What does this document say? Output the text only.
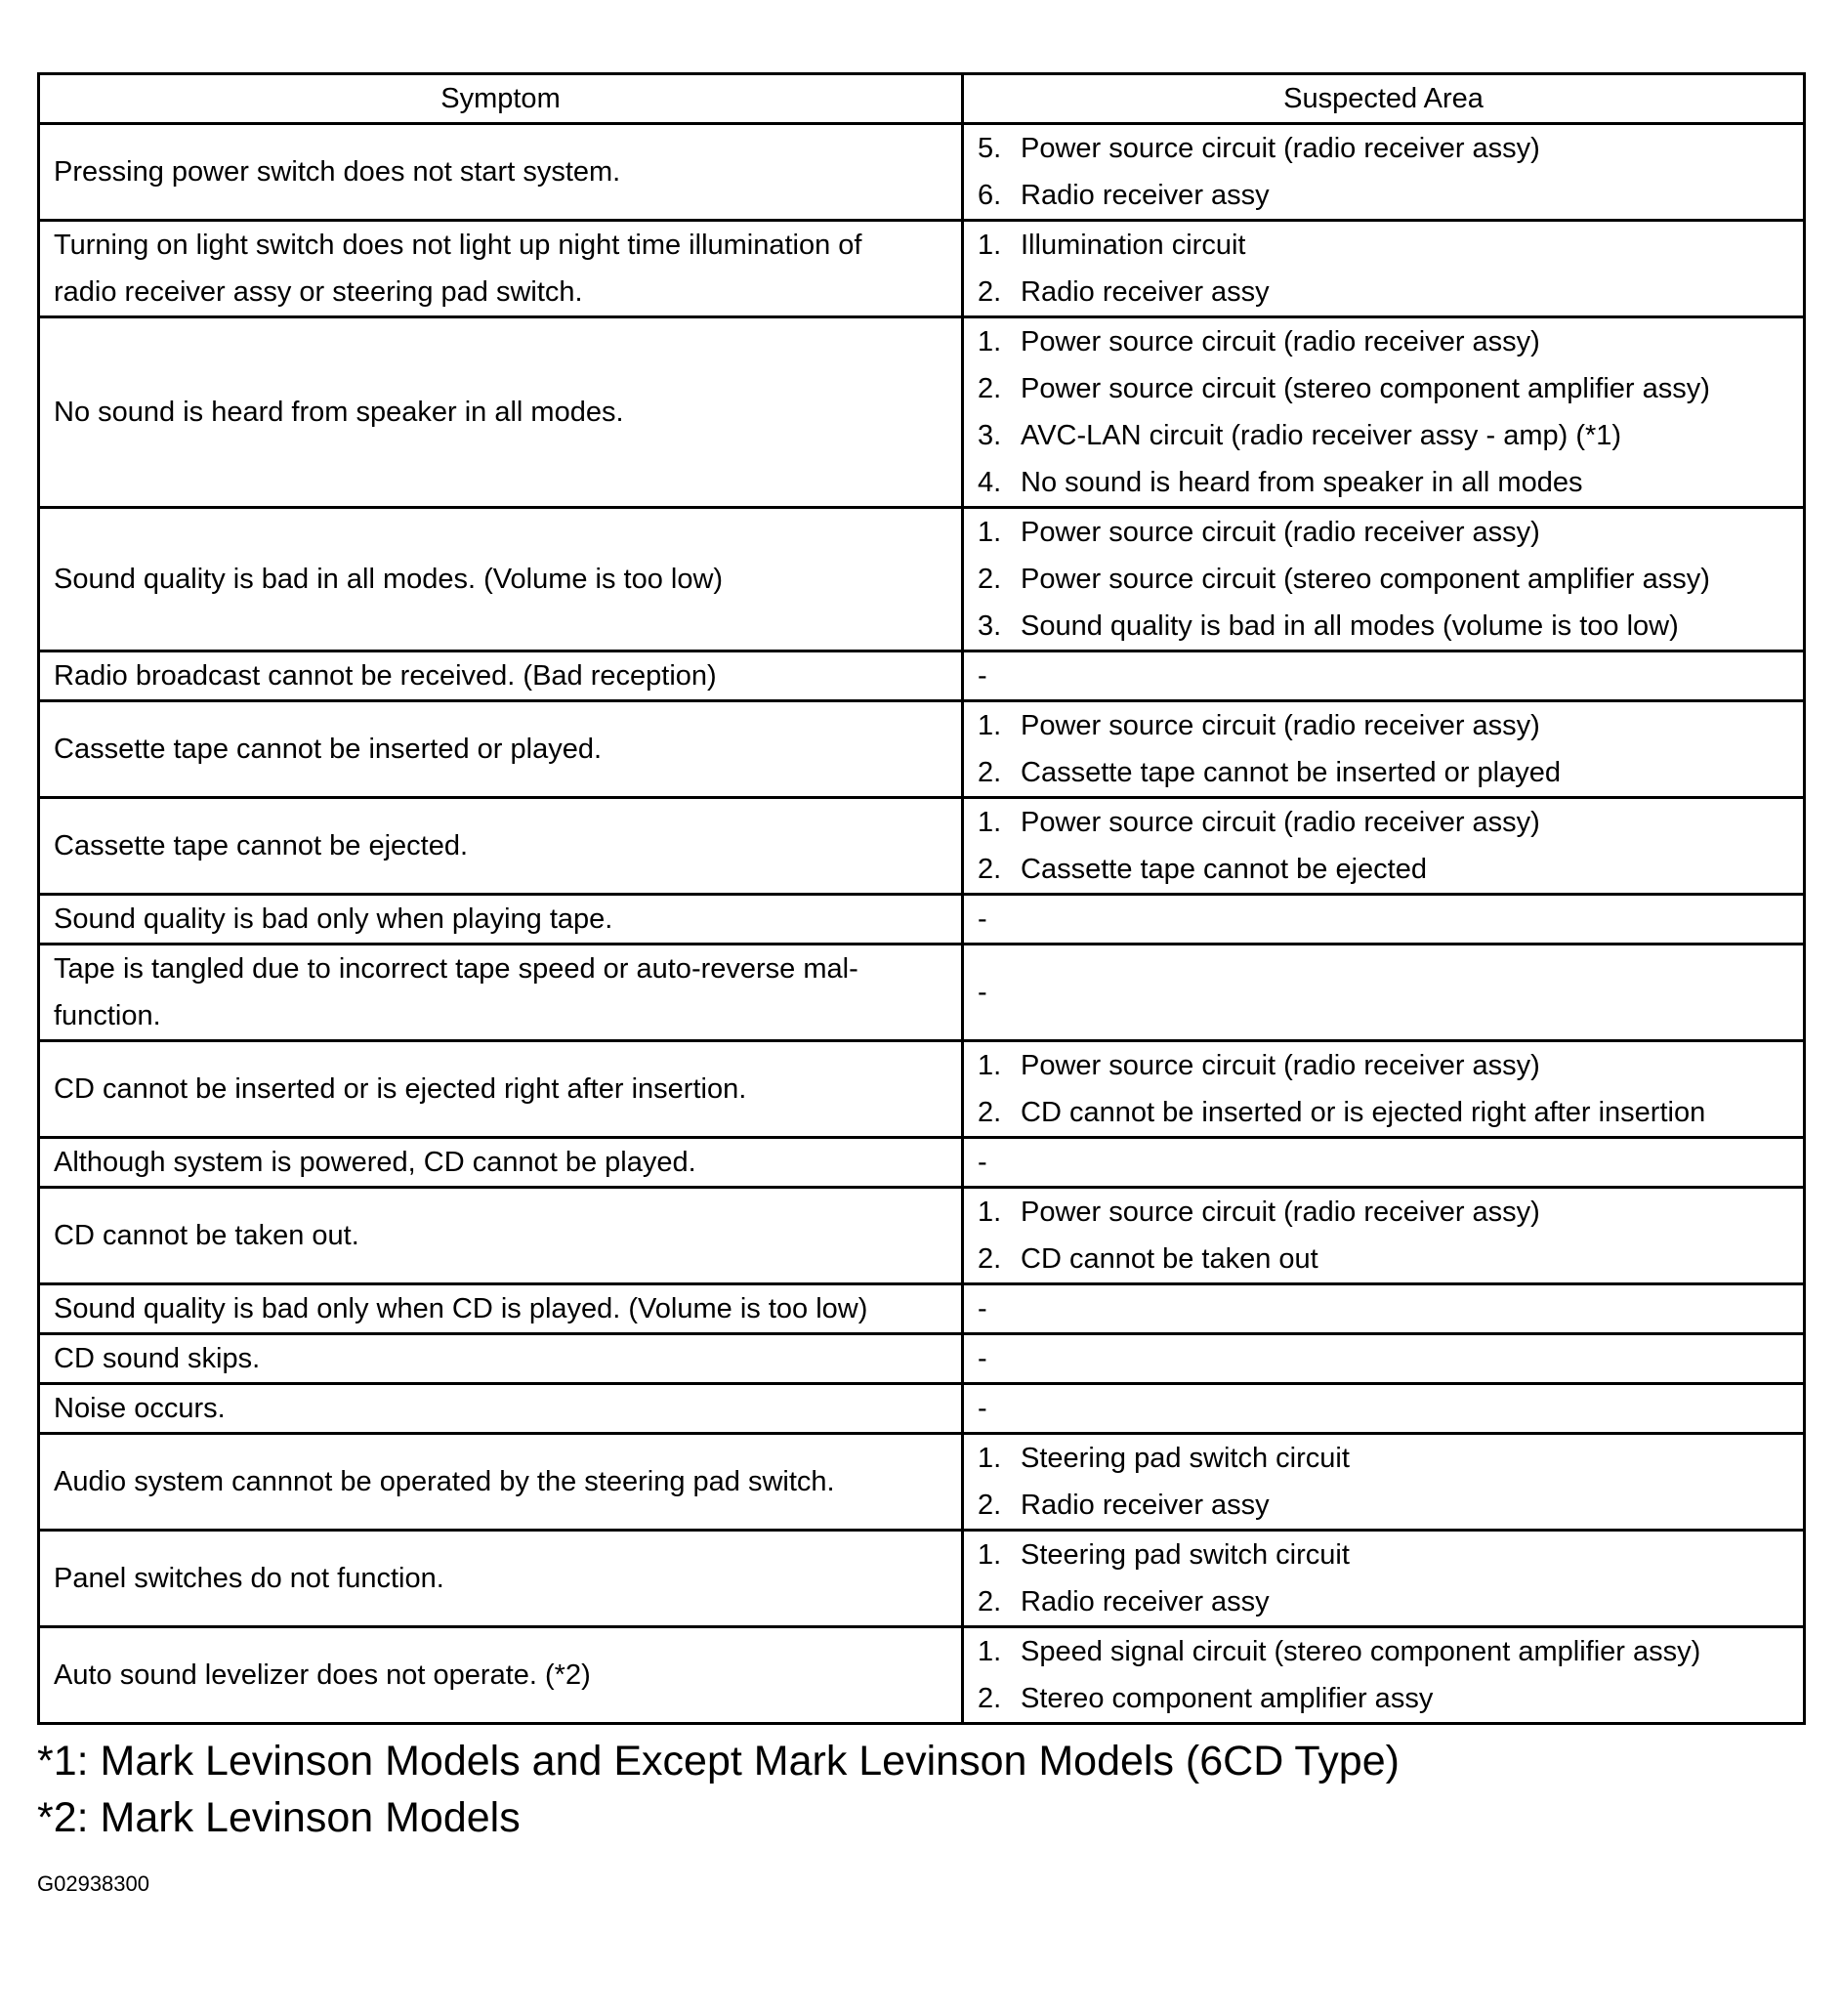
Symptom	Suspected Area

Pressing power switch does not start system.	5. Power source circuit (radio receiver assy)
6. Radio receiver assy

Turning on light switch does not light up night time illumination of
radio receiver assy or steering pad switch.	1. Illumination circuit
2. Radio receiver assy

No sound is heard from speaker in all modes.	1. Power source circuit (radio receiver assy)
2. Power source circuit (stereo component amplifier assy)
3. AVC-LAN circuit (radio receiver assy - amp) (*1)
4. No sound is heard from speaker in all modes

Sound quality is bad in all modes. (Volume is too low)	1. Power source circuit (radio receiver assy)
2. Power source circuit (stereo component amplifier assy)
3. Sound quality is bad in all modes (volume is too low)

Radio broadcast cannot be received. (Bad reception)	-

Cassette tape cannot be inserted or played.	1. Power source circuit (radio receiver assy)
2. Cassette tape cannot be inserted or played

Cassette tape cannot be ejected.	1. Power source circuit (radio receiver assy)
2. Cassette tape cannot be ejected

Sound quality is bad only when playing tape.	-

Tape is tangled due to incorrect tape speed or auto-reverse mal-
function.	-

CD cannot be inserted or is ejected right after insertion.	1. Power source circuit (radio receiver assy)
2. CD cannot be inserted or is ejected right after insertion

Although system is powered, CD cannot be played.	-

CD cannot be taken out.	1. Power source circuit (radio receiver assy)
2. CD cannot be taken out

Sound quality is bad only when CD is played. (Volume is too low)	-

CD sound skips.	-

Noise occurs.	-

Audio system cannnot be operated by the steering pad switch.	1. Steering pad switch circuit
2. Radio receiver assy

Panel switches do not function.	1. Steering pad switch circuit
2. Radio receiver assy

Auto sound levelizer does not operate. (*2)	1. Speed signal circuit (stereo component amplifier assy)
2. Stereo component amplifier assy
*1: Mark Levinson Models and Except Mark Levinson Models (6CD Type)
*2: Mark Levinson Models
G02938300
